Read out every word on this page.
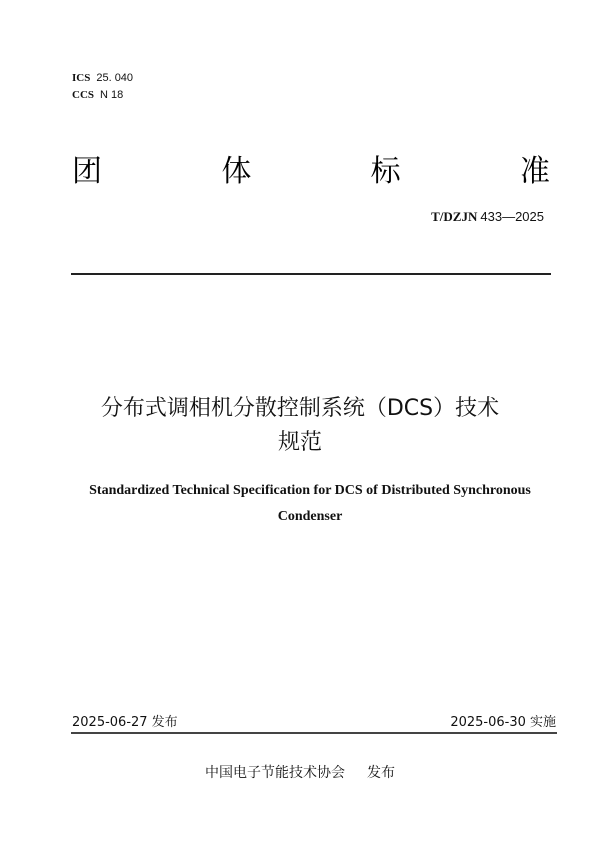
ICS 25. 040
CCS N 18
团	体	标	准
T/DZJN 433—2025
分布式调相机分散控制系统（DCS）技术
规范
Standardized Technical Specification for DCS of Distributed Synchronous
Condenser
2025-06-27 发布	2025-06-30 实施
中国电子节能技术协会 发布
